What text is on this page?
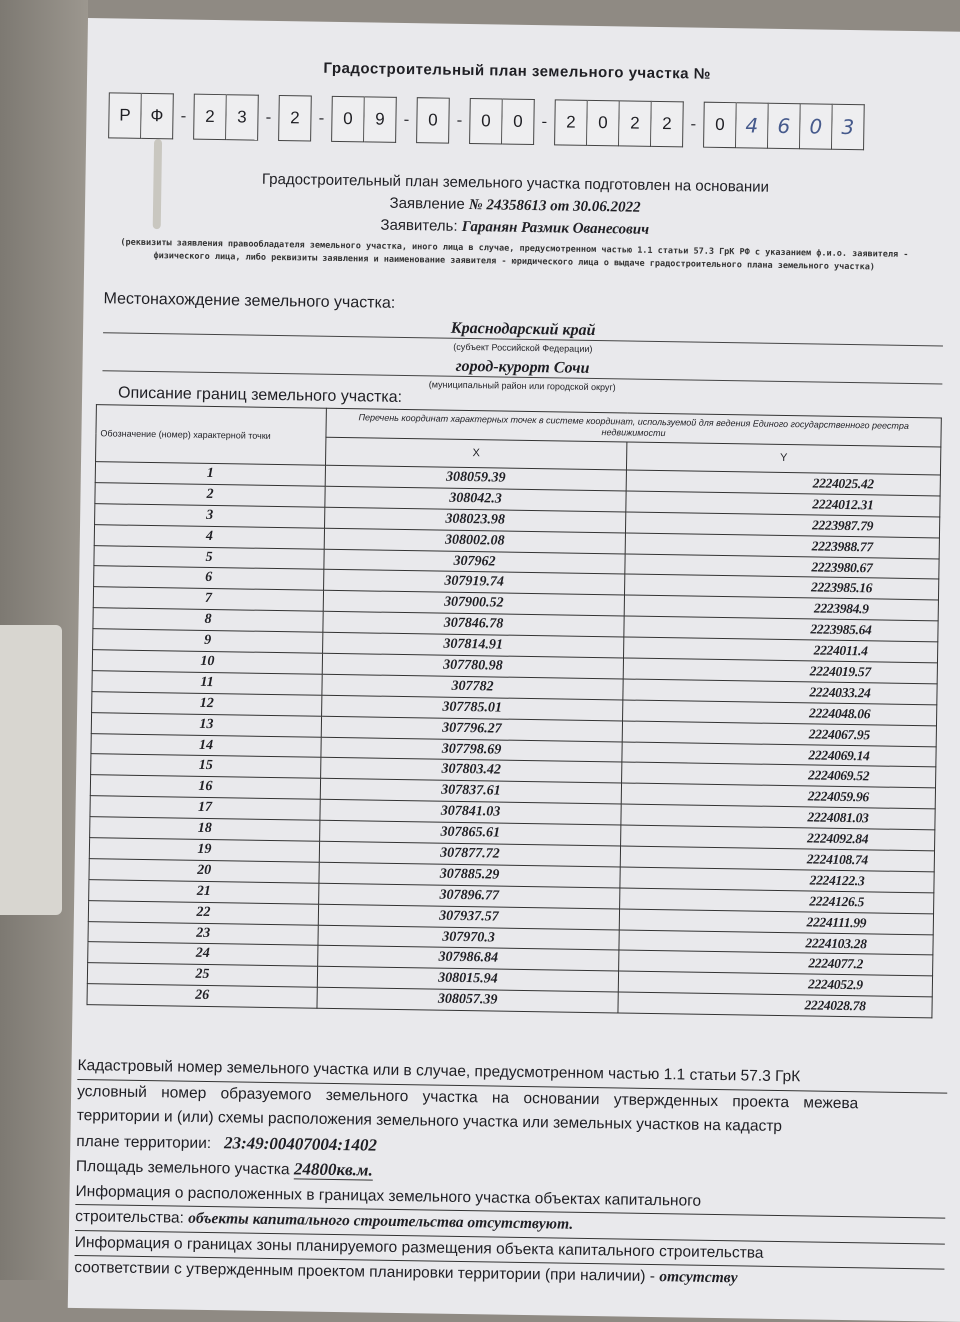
Градостроительный план земельного участка №
Р	Ф	-	2	3	-	2	-	0	9	-	0	-	0	0	-	2	0	2	2	-	0	4 6 0 3
Градостроительный план земельного участка подготовлен на основании
Заявление № 24358613 от 30.06.2022
Заявитель: Гаранян Размик Ованесович
(реквизиты заявления правообладателя земельного участка, иного лица в случае, предусмотренном частью 1.1 статьи 57.3 ГрК РФ с указанием ф.и.о. заявителя - физического лица, либо реквизиты заявления и наименование заявителя - юридического лица о выдаче градостроительного плана земельного участка)
Местонахождение земельного участка:
Краснодарский край
(субъект Российской Федерации)
город-курорт Сочи
(муниципальный район или городской округ)
Описание границ земельного участка:
Обозначение (номер) характерной точки	Перечень координат характерных точек в системе координат, используемой для ведения Единого государственного реестра недвижимости	
	X	Y
1	308059.39	2224025.42
2	308042.3	2224012.31
3	308023.98	2223987.79
4	308002.08	2223988.77
5	307962	2223980.67
6	307919.74	2223985.16
7	307900.52	2223984.9
8	307846.78	2223985.64
9	307814.91	2224011.4
10	307780.98	2224019.57
11	307782	2224033.24
12	307785.01	2224048.06
13	307796.27	2224067.95
14	307798.69	2224069.14
15	307803.42	2224069.52
16	307837.61	2224059.96
17	307841.03	2224081.03
18	307865.61	2224092.84
19	307877.72	2224108.74
20	307885.29	2224122.3
21	307896.77	2224126.5
22	307937.57	2224111.99
23	307970.3	2224103.28
24	307986.84	2224077.2
25	308015.94	2224052.9
26	308057.39	2224028.78

Кадастровый номер земельного участка или в случае, предусмотренном частью 1.1 статьи 57.3 ГрК

условный номер образуемого земельного участка на основании утвержденных проекта межева

территории и (или) схемы расположения земельного участка или земельных участков на кадастр

плане территории: 23:49:00407004:1402

Площадь земельного участка 24800кв.м.

Информация о расположенных в границах земельного участка объектах капитального

строительства: объекты капитального строительства отсутствуют.

Информация о границах зоны планируемого размещения объекта капитального строительства

соответствии с утвержденным проектом планировки территории (при наличии) - отсутству
